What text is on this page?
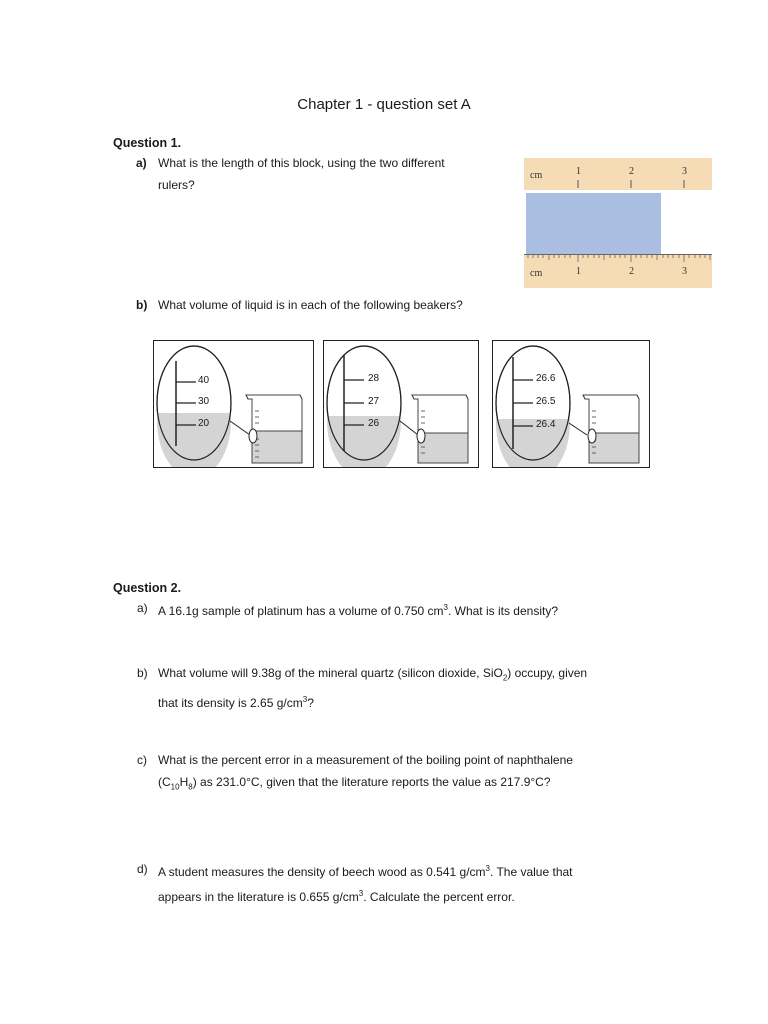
Chapter 1 - question set A
Question 1.
a) What is the length of this block, using the two different
rulers?
cm	1	2	3
cm	1	2	3
b) What volume of liquid is in each of the following beakers?
40
30
20
28
27
26
26.6
26.5
26.4
Question 2.
a) A 16.1g sample of platinum has a volume of 0.750 $cm^3$. What is its density?
b) What volume will 9.38g of the mineral quartz (silicon dioxide, SiO$_2$) occupy, given
that its density is 2.65 $g/cm^3$?
c) What is the percent error in a measurement of the boiling point of naphthalene
$(C_{10}H_8)$ as 231.0°C, given that the literature reports the value as 217.9°C?
d) A student measures the density of beech wood as 0.541 $g/cm^3$. The value that
appears in the literature is 0.655 $g/cm^3$. Calculate the percent error.
